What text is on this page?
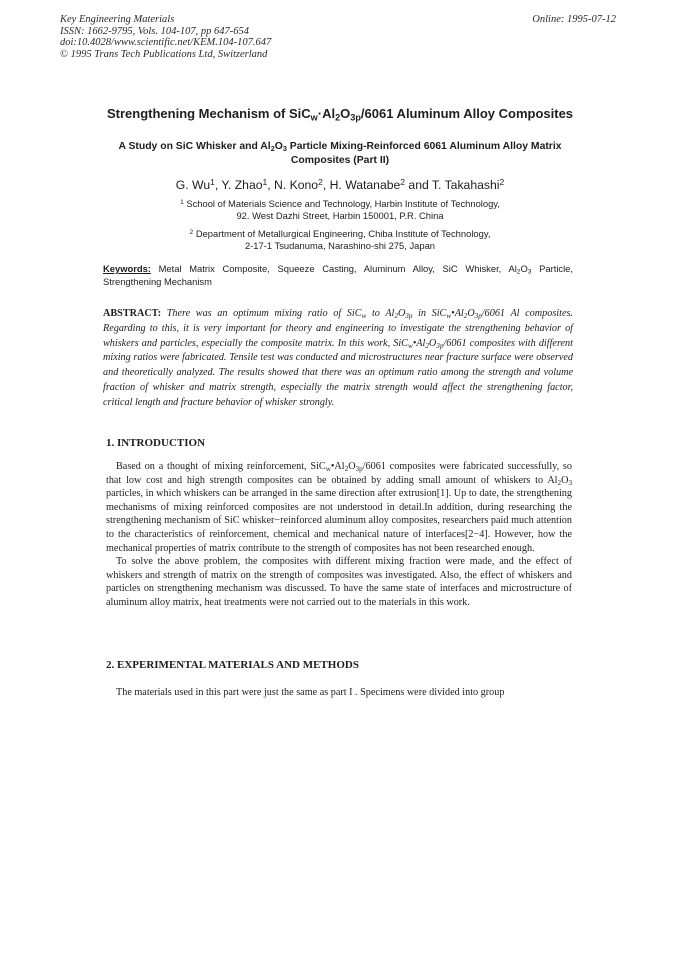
Key Engineering Materials
ISSN: 1662-9795, Vols. 104-107, pp 647-654
doi:10.4028/www.scientific.net/KEM.104-107.647
© 1995 Trans Tech Publications Ltd, Switzerland
Online: 1995-07-12
Strengthening Mechanism of $SiC_w\cdot Al_2O_{3p}/6061$ Aluminum Alloy Composites
A Study on SiC Whisker and $Al_2O_3$ Particle Mixing-Reinforced 6061 Aluminum Alloy Matrix Composites (Part II)
G. Wu$^1$, Y. Zhao$^1$, N. Kono$^2$, H. Watanabe$^2$ and T. Takahashi$^2$
$^1$ School of Materials Science and Technology, Harbin Institute of Technology,
92. West Dazhi Street, Harbin 150001, P.R. China
$^2$ Department of Metallurgical Engineering, Chiba Institute of Technology,
2-17-1 Tsudanuma, Narashino-shi 275, Japan
Keywords: Metal Matrix Composite, Squeeze Casting, Aluminum Alloy, SiC Whisker, $Al_2O_3$ Particle, Strengthening Mechanism
ABSTRACT: There was an optimum mixing ratio of SiC$_w$ to $Al_2O_{3p}$ in $SiC_w•Al_2O_{3p}/6061$ Al composites. Regarding to this, it is very important for theory and engineering to investigate the strengthening behavior of whiskers and particles, especially the composite matrix. In this work, $SiC_w•Al_2O_{3p}/6061$ composites with different mixing ratios were fabricated. Tensile test was conducted and microstructures near fracture surface were observed and theoretically analyzed. The results showed that there was an optimum ratio among the strength and volume fraction of whisker and matrix strength, especially the matrix strength would affect the strengthening factor, critical length and fracture behavior of whisker strongly.
1. INTRODUCTION

Based on a thought of mixing reinforcement, $SiC_w•Al_2O_{3p}/6061$ composites were fabricated successfully, so that low cost and high strength composites can be obtained by adding small amount of whiskers to $Al_2O_3$ particles, in which whiskers can be arranged in the same direction after extrusion[1]. Up to date, the strengthening mechanisms of mixing reinforced composites are not understood in detail.In addition, during researching the strengthening mechanism of SiC whisker−reinforced aluminum alloy composites, researchers paid much attention to the characteristics of reinforcement, chemical and mechanical nature of interfaces[2−4]. However, how the mechanical properties of matrix contribute to the strength of composites has not been researched enough.

To solve the above problem, the composites with different mixing fraction were made, and the effect of whiskers and strength of matrix on the strength of composites was investigated. Also, the effect of whiskers and particles on strengthening mechanism was discussed. To have the same state of interfaces and microstructure of aluminum alloy matrix, heat treatments were not carried out to the materials in this work.

2. EXPERIMENTAL MATERIALS AND METHODS
The materials used in this part were just the same as part I . Specimens were divided into group
